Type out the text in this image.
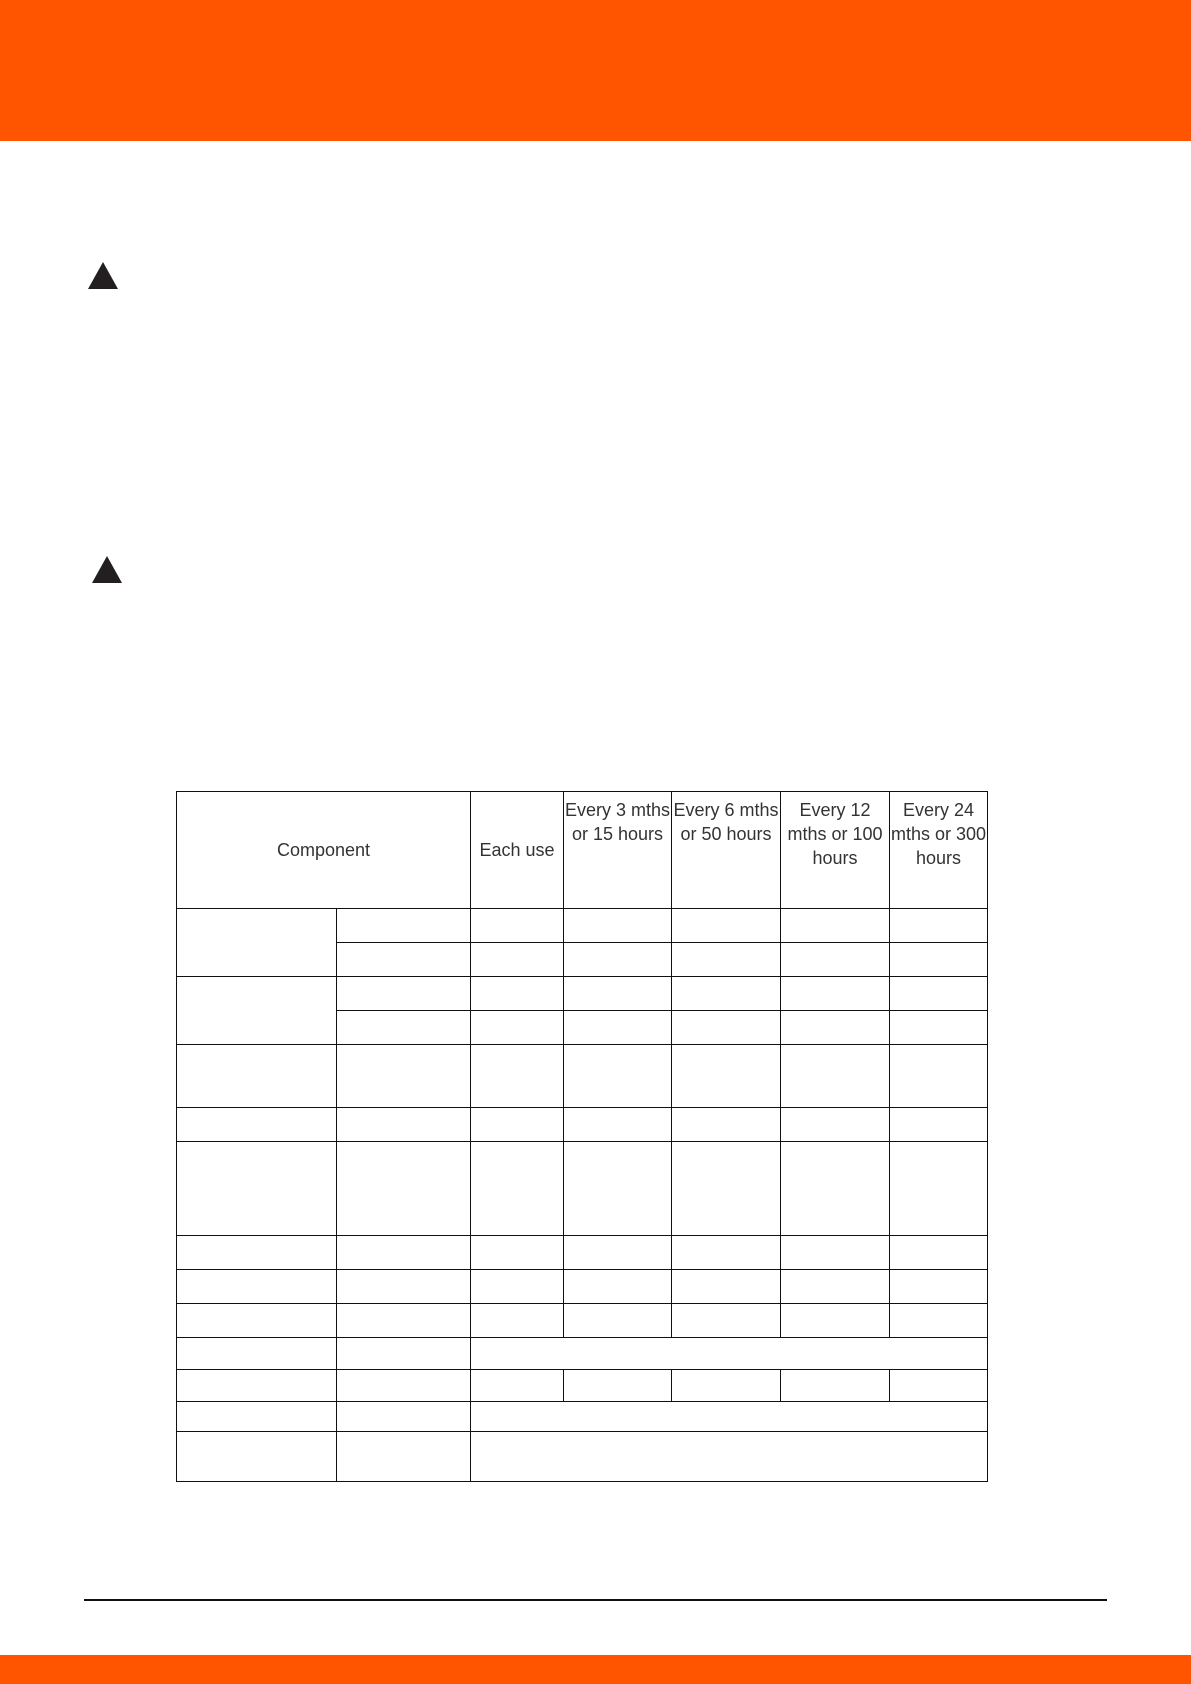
Component		Each use	Every 3 mths or 15 hours	Every 6 mths or 50 hours	Every 12 mths or 100 hours	Every 24 mths or 300 hours
